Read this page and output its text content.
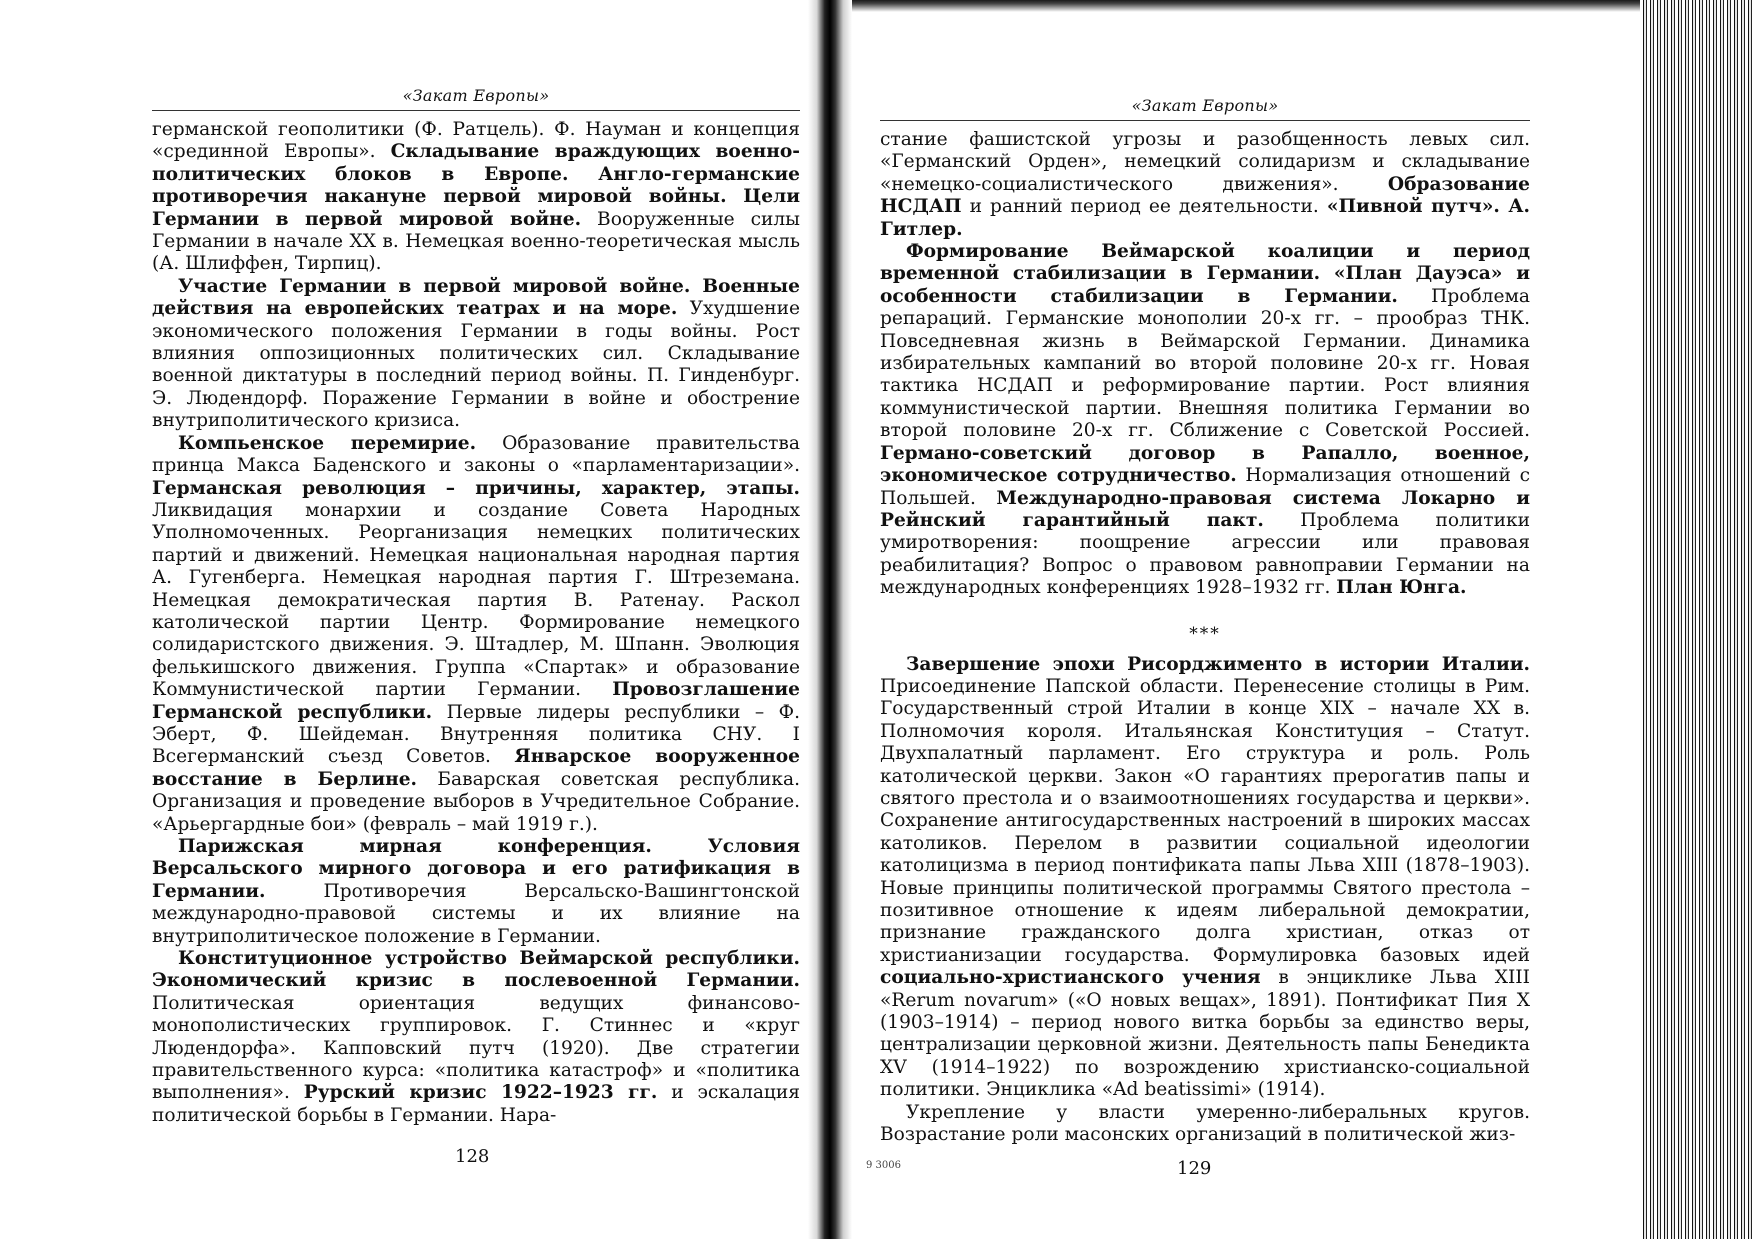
«Закат Европы»

германской геополитики (Ф. Ратцель). Ф. Науман и концепция «срединной Европы». Складывание враждующих военно-политических блоков в Европе. Англо-германские противоречия накануне первой мировой войны. Цели Германии в первой мировой войне. Вооруженные силы Германии в начале XX в. Немецкая военно-теоретическая мысль (А. Шлиффен, Тирпиц).

Участие Германии в первой мировой войне. Военные действия на европейских театрах и на море. Ухудшение экономического положения Германии в годы войны. Рост влияния оппозиционных политических сил. Складывание военной диктатуры в последний период войны. П. Гинденбург. Э. Людендорф. Поражение Германии в войне и обострение внутриполитического кризиса.

Компьенское перемирие. Образование правительства принца Макса Баденского и законы о «парламентаризации». Германская революция – причины, характер, этапы. Ликвидация монархии и создание Совета Народных Уполномоченных. Реорганизация немецких политических партий и движений. Немецкая национальная народная партия А. Гугенберга. Немецкая народная партия Г. Штреземана. Немецкая демократическая партия В. Ратенау. Раскол католической партии Центр. Формирование немецкого солидаристского движения. Э. Штадлер, М. Шпанн. Эволюция фелькишского движения. Группа «Спартак» и образование Коммунистической партии Германии. Провозглашение Германской республики. Первые лидеры республики – Ф. Эберт, Ф. Шейдеман. Внутренняя политика СНУ. I Всегерманский съезд Советов. Январское вооруженное восстание в Берлине. Баварская советская республика. Организация и проведение выборов в Учредительное Собрание. «Арьергардные бои» (февраль – май 1919 г.).

Парижская мирная конференция. Условия Версальского мирного договора и его ратификация в Германии. Противоречия Версальско-Вашингтонской международно-правовой системы и их влияние на внутриполитическое положение в Германии.

Конституционное устройство Веймарской республики. Экономический кризис в послевоенной Германии. Политическая ориентация ведущих финансово-монополистических группировок. Г. Стиннес и «круг Людендорфа». Капповский путч (1920). Две стратегии правительственного курса: «политика катастроф» и «политика выполнения». Рурский кризис 1922–1923 гг. и эскалация политической борьбы в Германии. Нара-

«Закат Европы»

стание фашистской угрозы и разобщенность левых сил. «Германский Орден», немецкий солидаризм и складывание «немецко-социалистического движения». Образование НСДАП и ранний период ее деятельности. «Пивной путч». А. Гитлер.

Формирование Веймарской коалиции и период временной стабилизации в Германии. «План Дауэса» и особенности стабилизации в Германии. Проблема репараций. Германские монополии 20-х гг. – прообраз ТНК. Повседневная жизнь в Веймарской Германии. Динамика избирательных кампаний во второй половине 20-х гг. Новая тактика НСДАП и реформирование партии. Рост влияния коммунистической партии. Внешняя политика Германии во второй половине 20-х гг. Сближение с Советской Россией. Германо-советский договор в Рапалло, военное, экономическое сотрудничество. Нормализация отношений с Польшей. Международно-правовая система Локарно и Рейнский гарантийный пакт. Проблема политики умиротворения: поощрение агрессии или правовая реабилитация? Вопрос о правовом равноправии Германии на международных конференциях 1928–1932 гг. План Юнга.

***

Завершение эпохи Рисорджименто в истории Италии. Присоединение Папской области. Перенесение столицы в Рим. Государственный строй Италии в конце XIX – начале XX в. Полномочия короля. Итальянская Конституция – Статут. Двухпалатный парламент. Его структура и роль. Роль католической церкви. Закон «О гарантиях прерогатив папы и святого престола и о взаимоотношениях государства и церкви». Сохранение антигосударственных настроений в широких массах католиков. Перелом в развитии социальной идеологии католицизма в период понтификата папы Льва XIII (1878–1903). Новые принципы политической программы Святого престола – позитивное отношение к идеям либеральной демократии, признание гражданского долга христиан, отказ от христианизации государства. Формулировка базовых идей социально-христианского учения в энциклике Льва XIII «Rerum novarum» («О новых вещах», 1891). Понтификат Пия X (1903–1914) – период нового витка борьбы за единство веры, централизации церковной жизни. Деятельность папы Бенедикта XV (1914–1922) по возрождению христианско-социальной политики. Энциклика «Ad beatissimi» (1914).

Укрепление у власти умеренно-либеральных кругов. Возрастание роли масонских организаций в политической жиз-

128	9 3006	129
